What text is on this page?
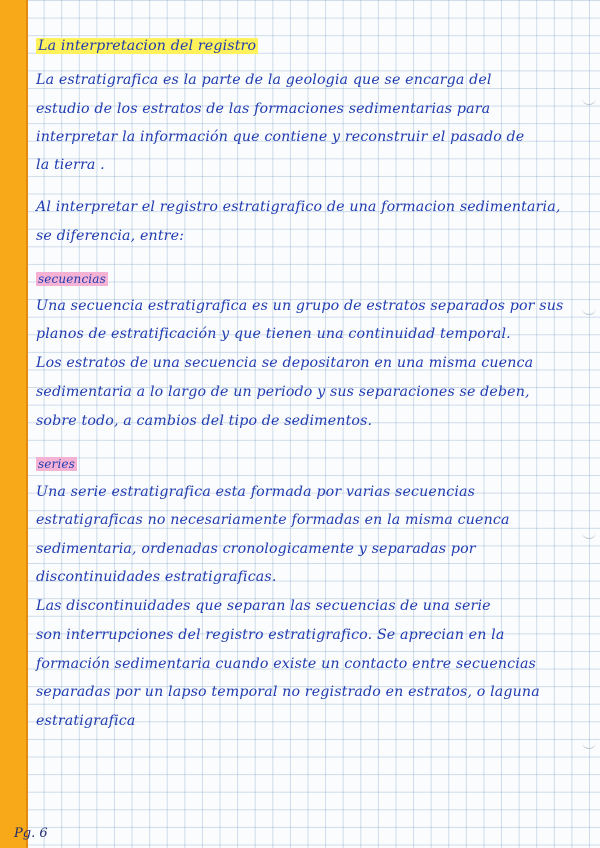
La interpretacion del registro

La estratigrafica es la parte de la geologia que se encarga del

estudio de los estratos de las formaciones sedimentarias para

interpretar la información que contiene y reconstruir el pasado de

la tierra .

Al interpretar el registro estratigrafico de una formacion sedimentaria,

se diferencia, entre:

secuencias

Una secuencia estratigrafica es un grupo de estratos separados por sus

planos de estratificación y que tienen una continuidad temporal.

Los estratos de una secuencia se depositaron en una misma cuenca

sedimentaria a lo largo de un periodo y sus separaciones se deben,

sobre todo, a cambios del tipo de sedimentos.

series

Una serie estratigrafica esta formada por varias secuencias

estratigraficas no necesariamente formadas en la misma cuenca

sedimentaria, ordenadas cronologicamente y separadas por

discontinuidades estratigraficas.

Las discontinuidades que separan las secuencias de una serie

son interrupciones del registro estratigrafico. Se aprecian en la

formación sedimentaria cuando existe un contacto entre secuencias

separadas por un lapso temporal no registrado en estratos, o laguna

estratigrafica

Pg. 6
